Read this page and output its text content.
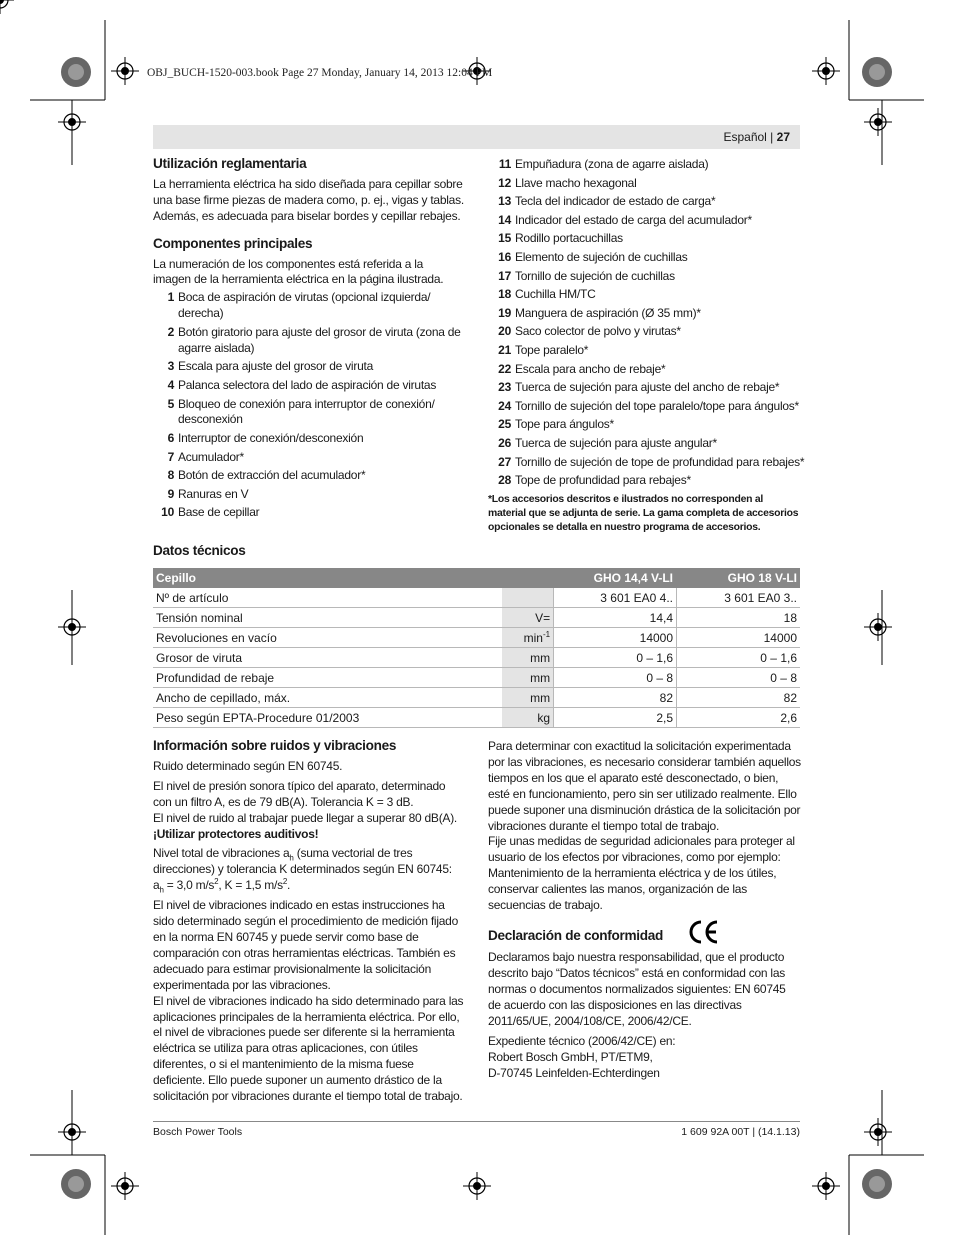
OBJ_BUCH-1520-003.book Page 27 Monday, January 14, 2013 12:04 PM
Español | 27

Utilización reglamentaria

La herramienta eléctrica ha sido diseñada para cepillar sobre una base firme piezas de madera como, p. ej., vigas y tablas. Además, es adecuada para biselar bordes y cepillar rebajes.

Componentes principales

La numeración de los componentes está referida a la imagen de la herramienta eléctrica en la página ilustrada.

1 Boca de aspiración de virutas (opcional izquierda/ derecha)
2 Botón giratorio para ajuste del grosor de viruta (zona de agarre aislada)
3 Escala para ajuste del grosor de viruta
4 Palanca selectora del lado de aspiración de virutas
5 Bloqueo de conexión para interruptor de conexión/ desconexión
6 Interruptor de conexión/desconexión
7 Acumulador*
8 Botón de extracción del acumulador*
9 Ranuras en V
10 Base de cepillar
11 Empuñadura (zona de agarre aislada)
12 Llave macho hexagonal
13 Tecla del indicador de estado de carga*
14 Indicador del estado de carga del acumulador*
15 Rodillo portacuchillas
16 Elemento de sujeción de cuchillas
17 Tornillo de sujeción de cuchillas
18 Cuchilla HM/TC
19 Manguera de aspiración (Ø 35 mm)*
20 Saco colector de polvo y virutas*
21 Tope paralelo*
22 Escala para ancho de rebaje*
23 Tuerca de sujeción para ajuste del ancho de rebaje*
24 Tornillo de sujeción del tope paralelo/tope para ángulos*
25 Tope para ángulos*
26 Tuerca de sujeción para ajuste angular*
27 Tornillo de sujeción de tope de profundidad para rebajes*
28 Tope de profundidad para rebajes*

*Los accesorios descritos e ilustrados no corresponden al material que se adjunta de serie. La gama completa de accesorios opcionales se detalla en nuestro programa de accesorios.

Datos técnicos

Cepillo		GHO 14,4 V-LI	GHO 18 V-LI
Nº de artículo		3 601 EA0 4..	3 601 EA0 3..
Tensión nominal	V=	14,4	18
Revoluciones en vacío	$\min^{-1}$	14000	14000
Grosor de viruta	mm	0 – 1,6	0 – 1,6
Profundidad de rebaje	mm	0 – 8	0 – 8
Ancho de cepillado, máx.	mm	82	82
Peso según EPTA-Procedure 01/2003	kg	2,5	2,6

Información sobre ruidos y vibraciones

Ruido determinado según EN 60745.

El nivel de presión sonora típico del aparato, determinado con un filtro A, es de 79 dB(A). Tolerancia K = 3 dB.

El nivel de ruido al trabajar puede llegar a superar 80 dB(A).

¡Utilizar protectores auditivos!

Nivel total de vibraciones $a_h$ (suma vectorial de tres direcciones) y tolerancia K determinados según EN 60745:
$a_h = 3,0$ $m/s^2$, K = 1,5 $m/s^2$.

El nivel de vibraciones indicado en estas instrucciones ha sido determinado según el procedimiento de medición fijado en la norma EN 60745 y puede servir como base de comparación con otras herramientas eléctricas. También es adecuado para estimar provisionalmente la solicitación experimentada por las vibraciones.

El nivel de vibraciones indicado ha sido determinado para las aplicaciones principales de la herramienta eléctrica. Por ello, el nivel de vibraciones puede ser diferente si la herramienta eléctrica se utiliza para otras aplicaciones, con útiles diferentes, o si el mantenimiento de la misma fuese deficiente. Ello puede suponer un aumento drástico de la solicitación por vibraciones durante el tiempo total de trabajo.

Para determinar con exactitud la solicitación experimentada por las vibraciones, es necesario considerar también aquellos tiempos en los que el aparato esté desconectado, o bien, esté en funcionamiento, pero sin ser utilizado realmente. Ello puede suponer una disminución drástica de la solicitación por vibraciones durante el tiempo total de trabajo.

Fije unas medidas de seguridad adicionales para proteger al usuario de los efectos por vibraciones, como por ejemplo: Mantenimiento de la herramienta eléctrica y de los útiles, conservar calientes las manos, organización de las secuencias de trabajo.

Declaración de conformidad

Declaramos bajo nuestra responsabilidad, que el producto descrito bajo “Datos técnicos” está en conformidad con las normas o documentos normalizados siguientes: EN 60745 de acuerdo con las disposiciones en las directivas 2011/65/UE, 2004/108/CE, 2006/42/CE.

Expediente técnico (2006/42/CE) en:

Robert Bosch GmbH, PT/ETM9,

D-70745 Leinfelden-Echterdingen

Bosch Power Tools	1 609 92A 00T | (14.1.13)
